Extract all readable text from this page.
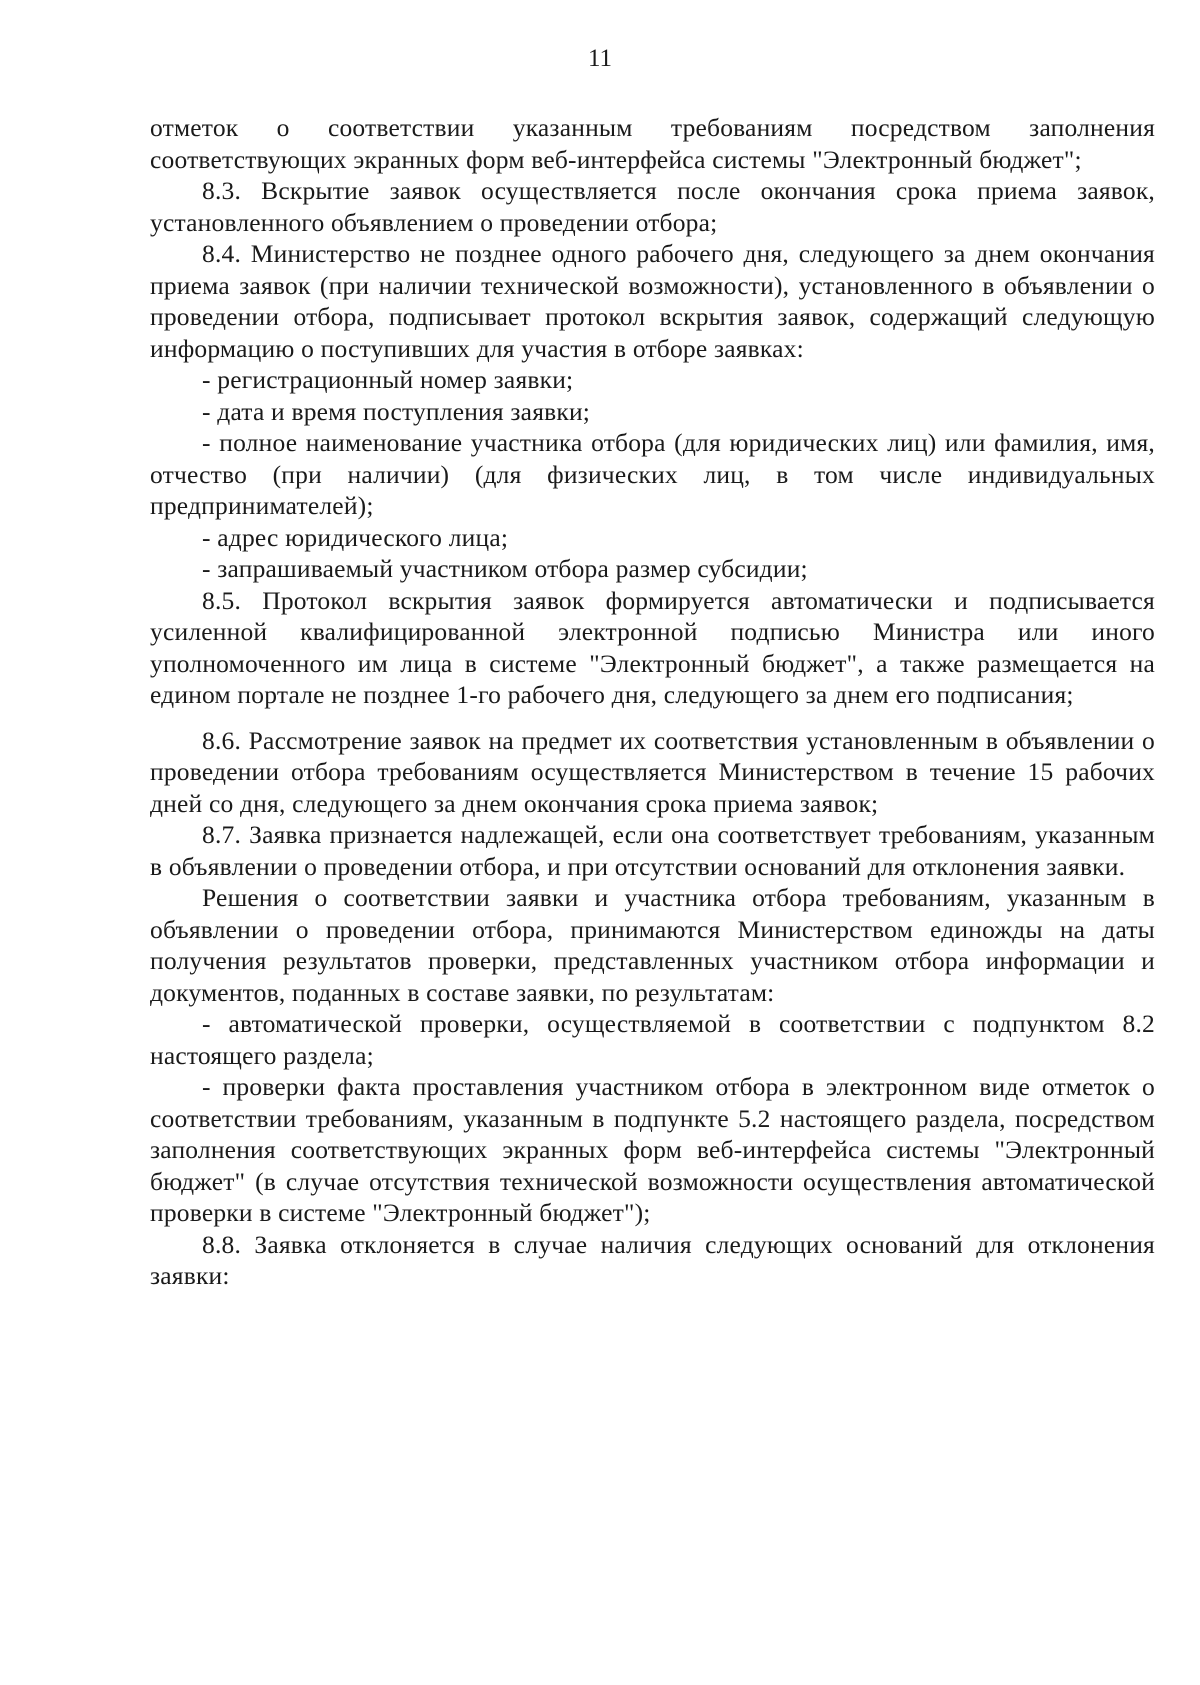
11

отметок о соответствии указанным требованиям посредством заполнения соответствующих экранных форм веб-интерфейса системы "Электронный бюджет";

8.3. Вскрытие заявок осуществляется после окончания срока приема заявок, установленного объявлением о проведении отбора;

8.4. Министерство не позднее одного рабочего дня, следующего за днем окончания приема заявок (при наличии технической возможности), установленного в объявлении о проведении отбора, подписывает протокол вскрытия заявок, содержащий следующую информацию о поступивших для участия в отборе заявках:

- регистрационный номер заявки;

- дата и время поступления заявки;

- полное наименование участника отбора (для юридических лиц) или фамилия, имя, отчество (при наличии) (для физических лиц, в том числе индивидуальных предпринимателей);

- адрес юридического лица;

- запрашиваемый участником отбора размер субсидии;

8.5. Протокол вскрытия заявок формируется автоматически и подписывается усиленной квалифицированной электронной подписью Министра или иного уполномоченного им лица в системе "Электронный бюджет", а также размещается на едином портале не позднее 1-го рабочего дня, следующего за днем его подписания;

8.6. Рассмотрение заявок на предмет их соответствия установленным в объявлении о проведении отбора требованиям осуществляется Министерством в течение 15 рабочих дней со дня, следующего за днем окончания срока приема заявок;

8.7. Заявка признается надлежащей, если она соответствует требованиям, указанным в объявлении о проведении отбора, и при отсутствии оснований для отклонения заявки.

Решения о соответствии заявки и участника отбора требованиям, указанным в объявлении о проведении отбора, принимаются Министерством единожды на даты получения результатов проверки, представленных участником отбора информации и документов, поданных в составе заявки, по результатам:

- автоматической проверки, осуществляемой в соответствии с подпунктом 8.2 настоящего раздела;

- проверки факта проставления участником отбора в электронном виде отметок о соответствии требованиям, указанным в подпункте 5.2 настоящего раздела, посредством заполнения соответствующих экранных форм веб-интерфейса системы "Электронный бюджет" (в случае отсутствия технической возможности осуществления автоматической проверки в системе "Электронный бюджет");

8.8. Заявка отклоняется в случае наличия следующих оснований для отклонения заявки:
